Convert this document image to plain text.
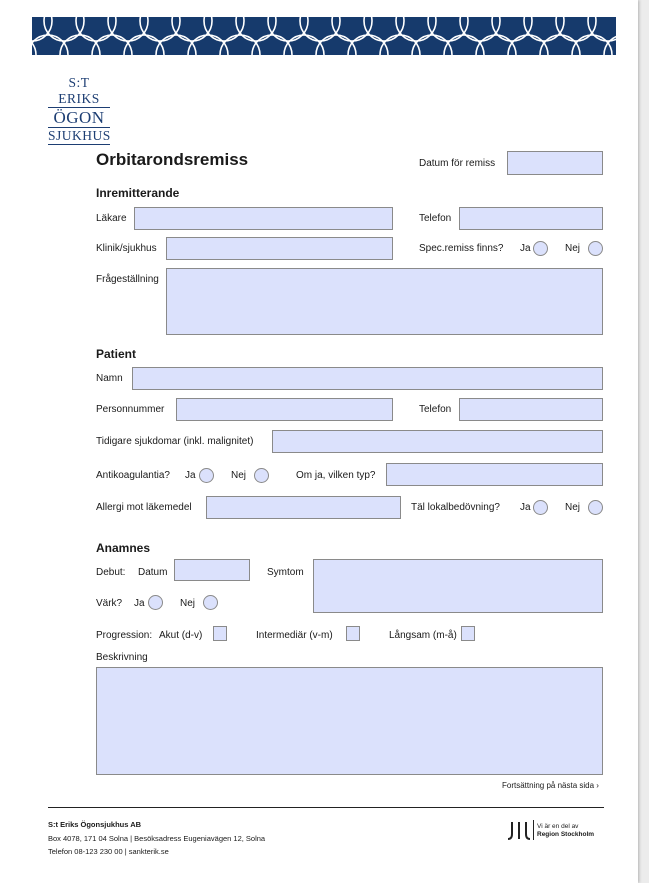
S:T ERIKS
ÖGON
SJUKHUS
Orbitarondsremiss	Datum för remiss
Inremitterande
Läkare	Telefon
Klinik/sjukhus	Spec.remiss finns? Ja	Nej
Frågeställning
Patient
Namn
Personnummer	Telefon
Tidigare sjukdomar (inkl. malignitet)
Antikoagulantia? Ja	Nej	Om ja, vilken typ?
Allergi mot läkemedel	Täl lokalbedövning? Ja	Nej
Anamnes
Debut: Datum	Symtom
Värk? Ja	Nej
Progression: Akut (d-v)	Intermediär (v-m)	Långsam (m-å)
Beskrivning
Fortsättning på nästa sida ›
S:t Eriks Ögonsjukhus AB
Box 4078, 171 04 Solna | Besöksadress Eugeniavägen 12, Solna
Telefon 08-123 230 00 | sankterik.se
Vi är en del av
Region Stockholm
